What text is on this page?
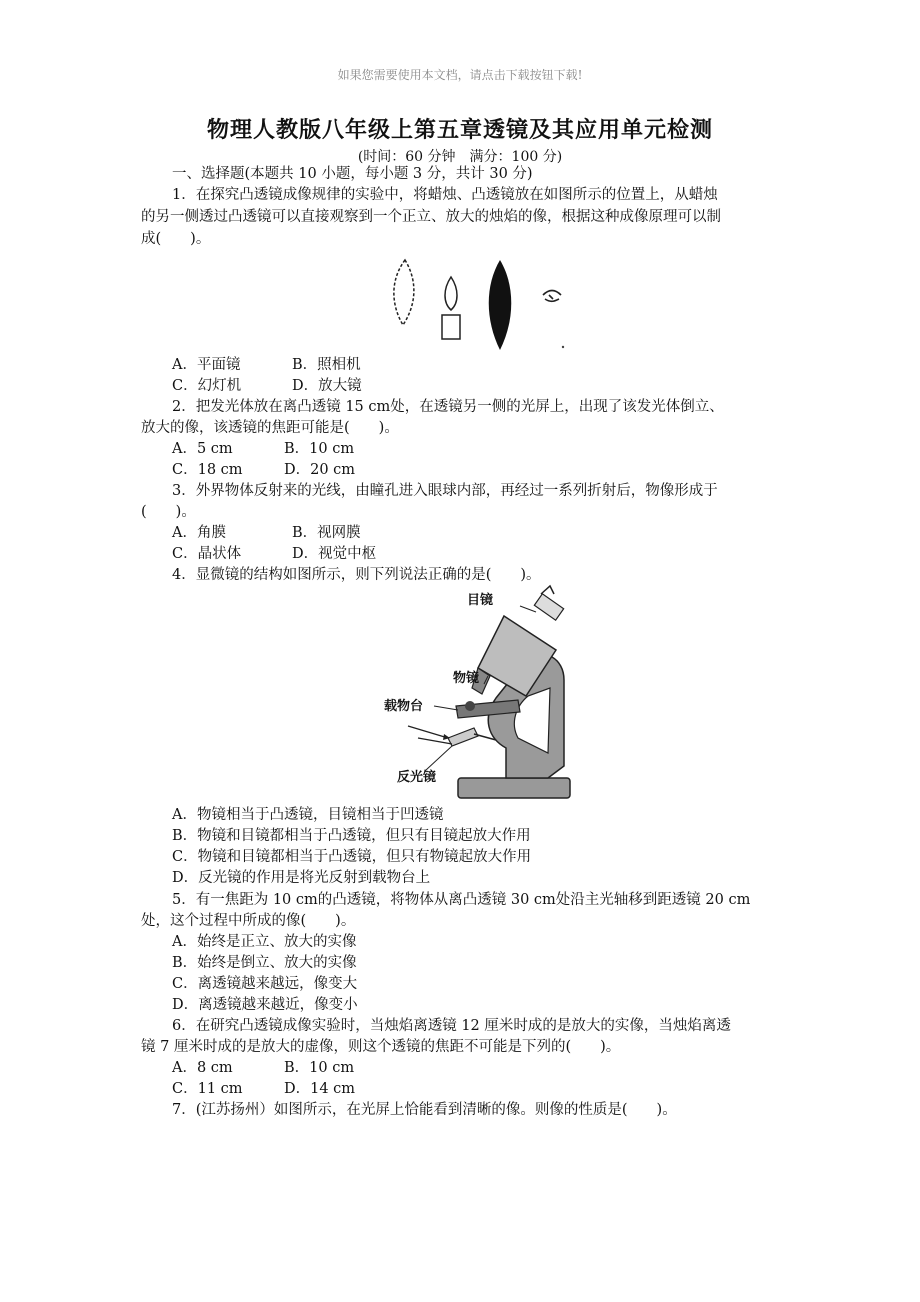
如果您需要使用本文档，请点击下载按钮下载!
物理人教版八年级上第五章透镜及其应用单元检测
(时间：60 分钟　满分：100 分)
一、选择题(本题共 10 小题，每小题 3 分，共计 30 分)
1．在探究凸透镜成像规律的实验中，将蜡烛、凸透镜放在如图所示的位置上，从蜡烛
的另一侧透过凸透镜可以直接观察到一个正立、放大的烛焰的像，根据这种成像原理可以制
成(　　)。
A．平面镜	B．照相机
C．幻灯机	D．放大镜
2．把发光体放在离凸透镜 15 cm处，在透镜另一侧的光屏上，出现了该发光体倒立、
放大的像，该透镜的焦距可能是(　　)。
A．5 cm	B．10 cm
C．18 cm	D．20 cm
3．外界物体反射来的光线，由瞳孔进入眼球内部，再经过一系列折射后，物像形成于
(　　)。
A．角膜	B．视网膜
C．晶状体	D．视觉中枢
4．显微镜的结构如图所示，则下列说法正确的是(　　)。
目镜
物镜
载物台
反光镜
A．物镜相当于凸透镜，目镜相当于凹透镜
B．物镜和目镜都相当于凸透镜，但只有目镜起放大作用
C．物镜和目镜都相当于凸透镜，但只有物镜起放大作用
D．反光镜的作用是将光反射到载物台上
5．有一焦距为 10 cm的凸透镜，将物体从离凸透镜 30 cm处沿主光轴移到距透镜 20 cm
处，这个过程中所成的像(　　)。
A．始终是正立、放大的实像
B．始终是倒立、放大的实像
C．离透镜越来越远，像变大
D．离透镜越来越近，像变小
6．在研究凸透镜成像实验时，当烛焰离透镜 12 厘米时成的是放大的实像，当烛焰离透
镜 7 厘米时成的是放大的虚像，则这个透镜的焦距不可能是下列的(　　)。
A．8 cm	B．10 cm
C．11 cm	D．14 cm
7．(江苏扬州）如图所示，在光屏上恰能看到清晰的像。则像的性质是(　　)。
